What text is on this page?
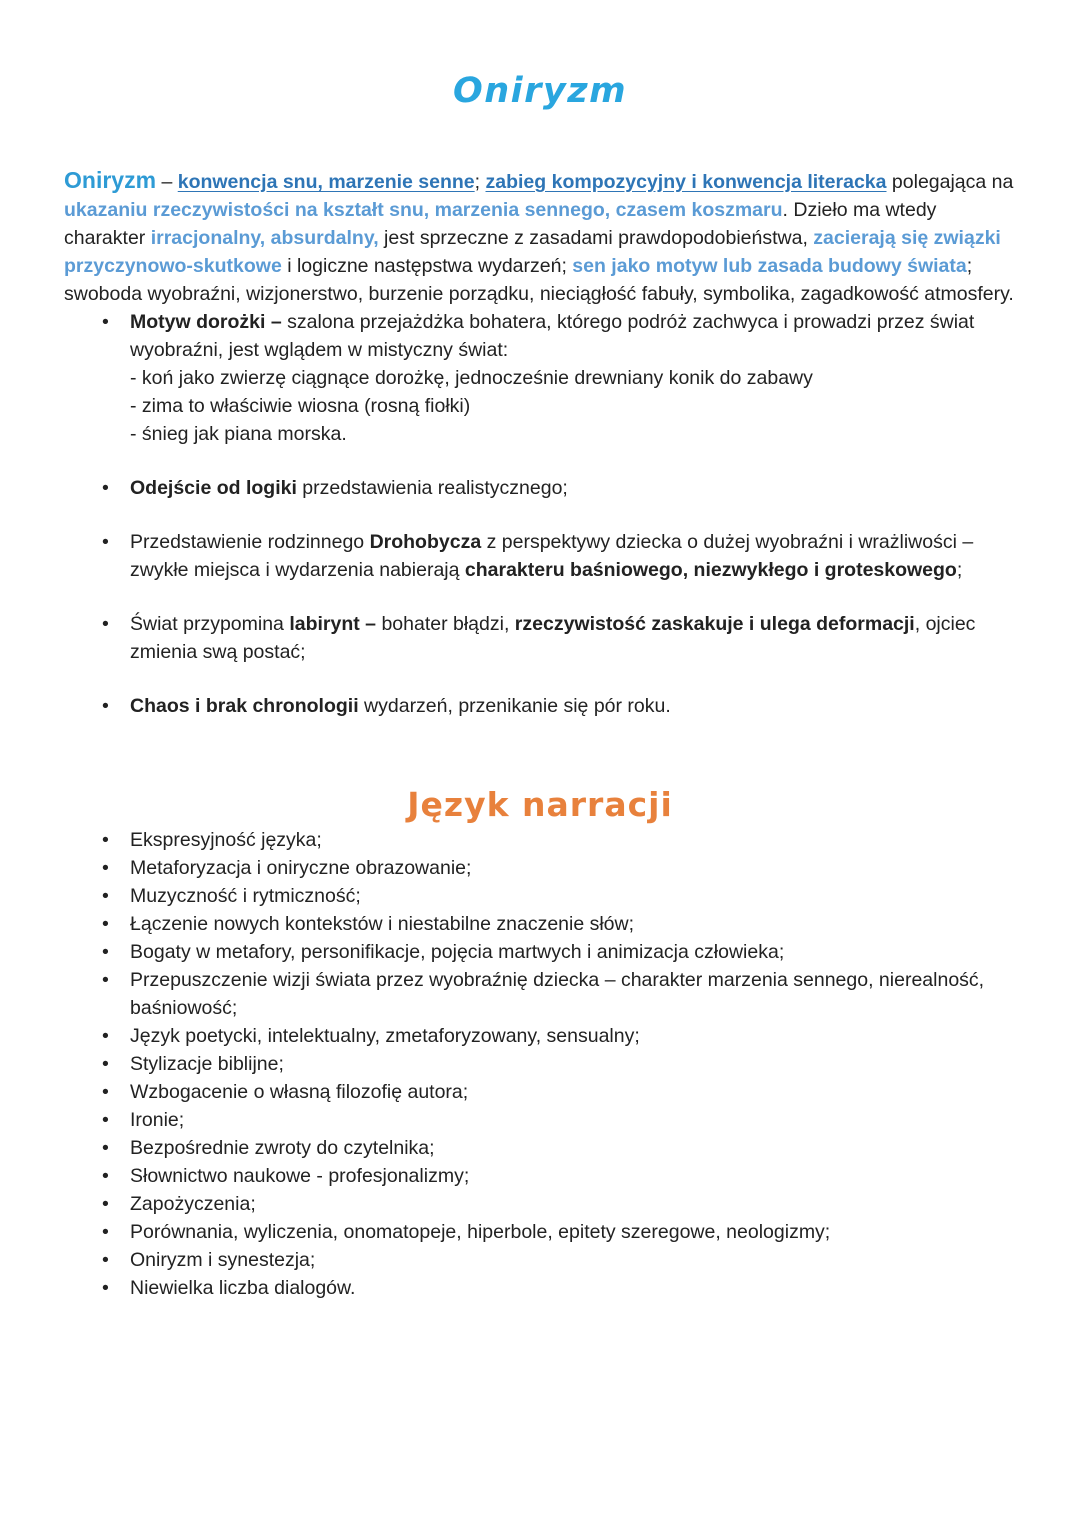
Oniryzm

Oniryzm – konwencja snu, marzenie senne; zabieg kompozycyjny i konwencja literacka polegająca na ukazaniu rzeczywistości na kształt snu, marzenia sennego, czasem koszmaru. Dzieło ma wtedy charakter irracjonalny, absurdalny, jest sprzeczne z zasadami prawdopodobieństwa, zacierają się związki przyczynowo-skutkowe i logiczne następstwa wydarzeń; sen jako motyw lub zasada budowy świata; swoboda wyobraźni, wizjonerstwo, burzenie porządku, nieciągłość fabuły, symbolika, zagadkowość atmosfery.

• Motyw dorożki – szalona przejażdżka bohatera, którego podróż zachwyca i prowadzi przez świat wyobraźni, jest wglądem w mistyczny świat:
- koń jako zwierzę ciągnące dorożkę, jednocześnie drewniany konik do zabawy
- zima to właściwie wiosna (rosną fiołki)
- śnieg jak piana morska.
• Odejście od logiki przedstawienia realistycznego;
• Przedstawienie rodzinnego Drohobycza z perspektywy dziecka o dużej wyobraźni i wrażliwości – zwykłe miejsca i wydarzenia nabierają charakteru baśniowego, niezwykłego i groteskowego;
• Świat przypomina labirynt – bohater błądzi, rzeczywistość zaskakuje i ulega deformacji, ojciec zmienia swą postać;
• Chaos i brak chronologii wydarzeń, przenikanie się pór roku.
Język narracji
• Ekspresyjność języka;
• Metaforyzacja i oniryczne obrazowanie;
• Muzyczność i rytmiczność;
• Łączenie nowych kontekstów i niestabilne znaczenie słów;
• Bogaty w metafory, personifikacje, pojęcia martwych i animizacja człowieka;
• Przepuszczenie wizji świata przez wyobraźnię dziecka – charakter marzenia sennego, nierealność, baśniowość;
• Język poetycki, intelektualny, zmetaforyzowany, sensualny;
• Stylizacje biblijne;
• Wzbogacenie o własną filozofię autora;
• Ironie;
• Bezpośrednie zwroty do czytelnika;
• Słownictwo naukowe - profesjonalizmy;
• Zapożyczenia;
• Porównania, wyliczenia, onomatopeje, hiperbole, epitety szeregowe, neologizmy;
• Oniryzm i synestezja;
• Niewielka liczba dialogów.
